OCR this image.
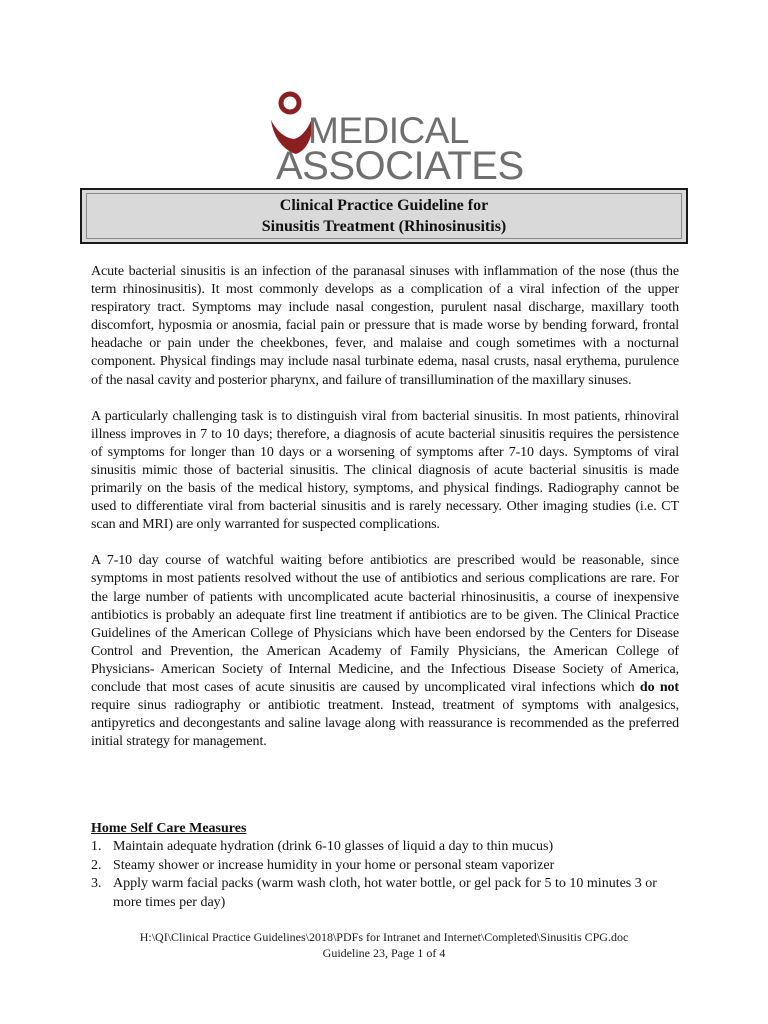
MEDICAL
ASSOCIATES
Clinical Practice Guideline for
Sinusitis Treatment (Rhinosinusitis)

Acute bacterial sinusitis is an infection of the paranasal sinuses with inflammation of the nose (thus the term rhinosinusitis). It most commonly develops as a complication of a viral infection of the upper respiratory tract. Symptoms may include nasal congestion, purulent nasal discharge, maxillary tooth discomfort, hyposmia or anosmia, facial pain or pressure that is made worse by bending forward, frontal headache or pain under the cheekbones, fever, and malaise and cough sometimes with a nocturnal component. Physical findings may include nasal turbinate edema, nasal crusts, nasal erythema, purulence of the nasal cavity and posterior pharynx, and failure of transillumination of the maxillary sinuses.

A particularly challenging task is to distinguish viral from bacterial sinusitis. In most patients, rhinoviral illness improves in 7 to 10 days; therefore, a diagnosis of acute bacterial sinusitis requires the persistence of symptoms for longer than 10 days or a worsening of symptoms after 7-10 days. Symptoms of viral sinusitis mimic those of bacterial sinusitis. The clinical diagnosis of acute bacterial sinusitis is made primarily on the basis of the medical history, symptoms, and physical findings. Radiography cannot be used to differentiate viral from bacterial sinusitis and is rarely necessary. Other imaging studies (i.e. CT scan and MRI) are only warranted for suspected complications.

A 7-10 day course of watchful waiting before antibiotics are prescribed would be reasonable, since symptoms in most patients resolved without the use of antibiotics and serious complications are rare. For the large number of patients with uncomplicated acute bacterial rhinosinusitis, a course of inexpensive antibiotics is probably an adequate first line treatment if antibiotics are to be given. The Clinical Practice Guidelines of the American College of Physicians which have been endorsed by the Centers for Disease Control and Prevention, the American Academy of Family Physicians, the American College of Physicians- American Society of Internal Medicine, and the Infectious Disease Society of America, conclude that most cases of acute sinusitis are caused by uncomplicated viral infections which do not require sinus radiography or antibiotic treatment. Instead, treatment of symptoms with analgesics, antipyretics and decongestants and saline lavage along with reassurance is recommended as the preferred initial strategy for management.

Home Self Care Measures
1. Maintain adequate hydration (drink 6-10 glasses of liquid a day to thin mucus)
2. Steamy shower or increase humidity in your home or personal steam vaporizer
3. Apply warm facial packs (warm wash cloth, hot water bottle, or gel pack for 5 to 10 minutes 3 or more times per day)
H:\QI\Clinical Practice Guidelines\2018\PDFs for Intranet and Internet\Completed\Sinusitis CPG.doc
Guideline 23, Page 1 of 4
